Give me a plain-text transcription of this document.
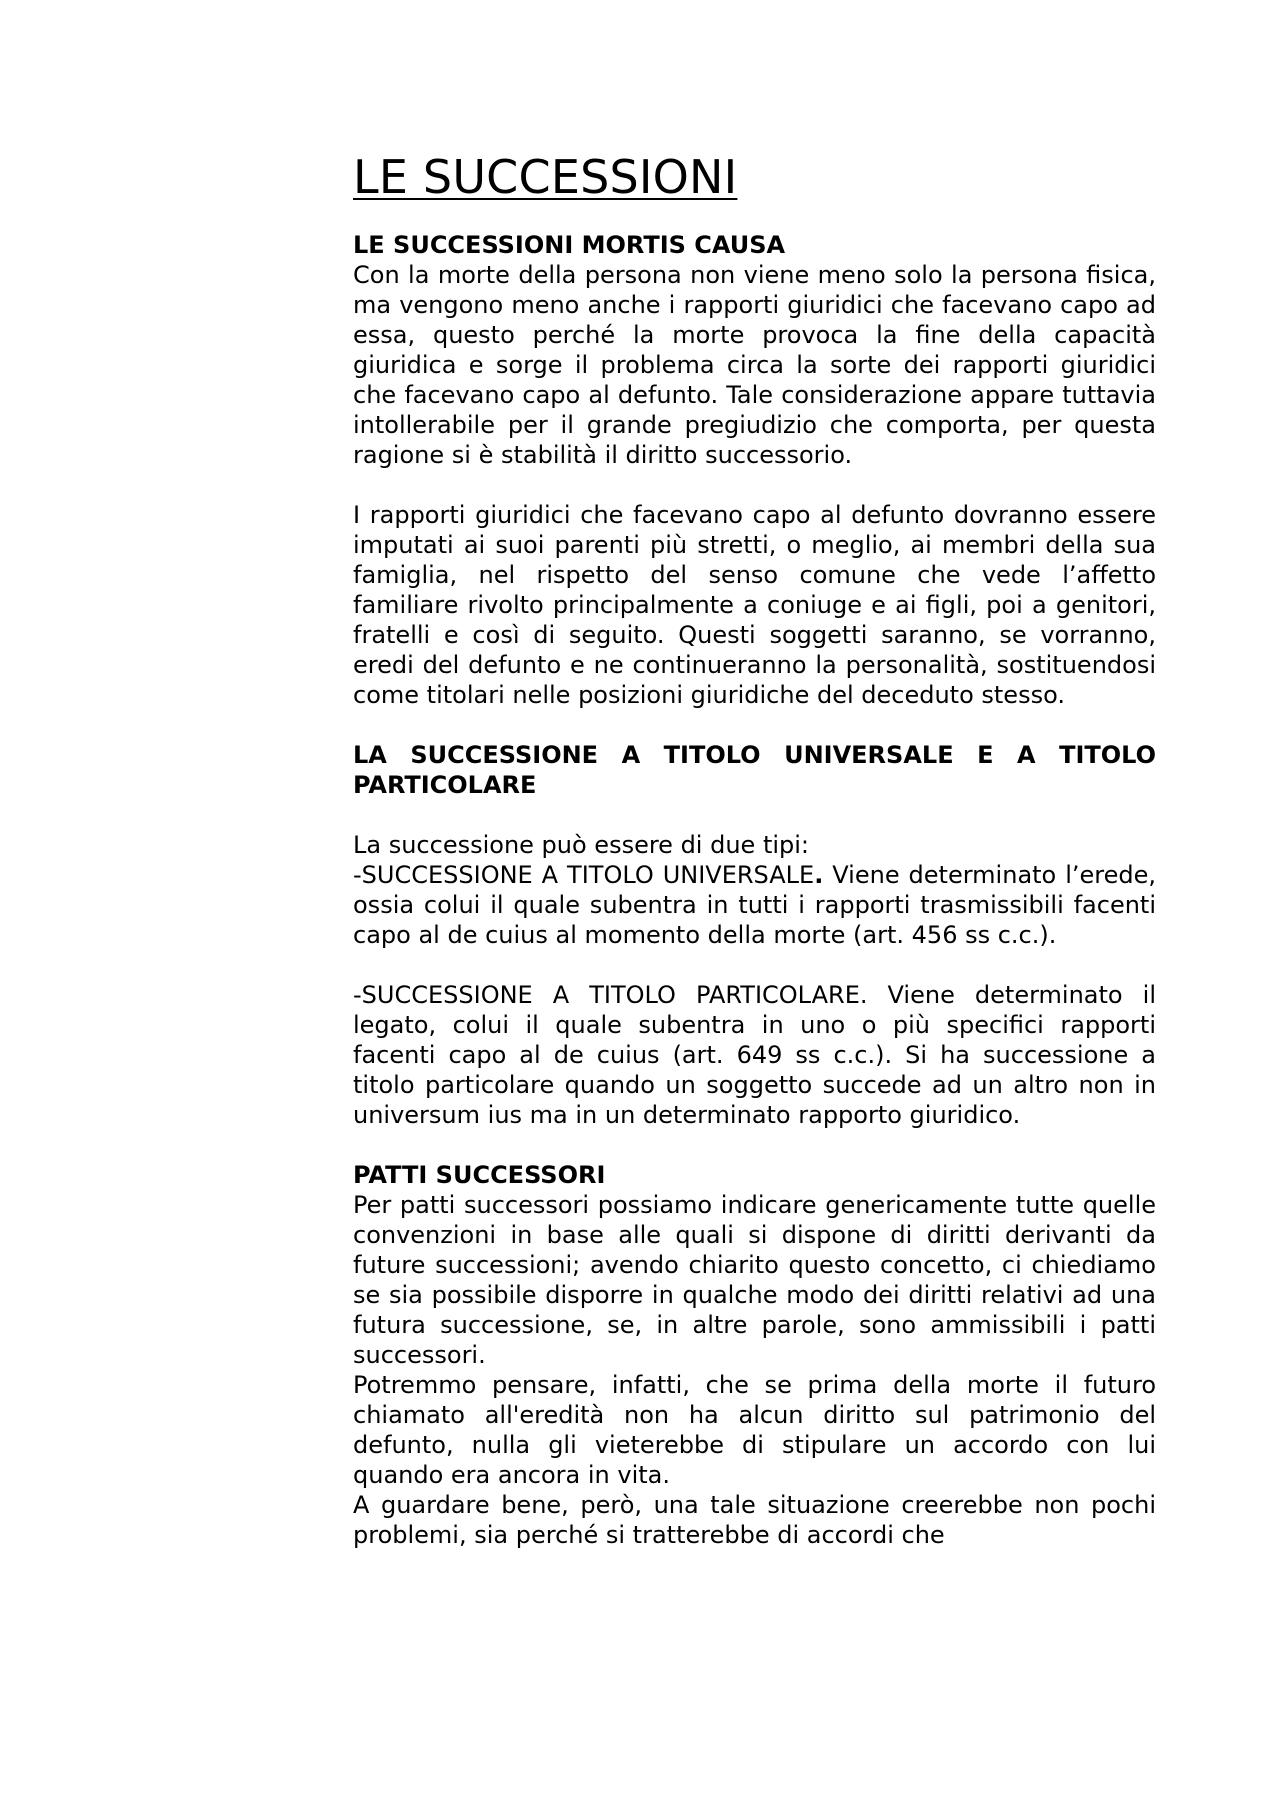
LE SUCCESSIONI
LE SUCCESSIONI MORTIS CAUSA

Con la morte della persona non viene meno solo la persona fisica, ma vengono meno anche i rapporti giuridici che facevano capo ad essa, questo perché la morte provoca la fine della capacità giuridica e sorge il problema circa la sorte dei rapporti giuridici che facevano capo al defunto. Tale considerazione appare tuttavia intollerabile per il grande pregiudizio che comporta, per questa ragione si è stabilità il diritto successorio.

I rapporti giuridici che facevano capo al defunto dovranno essere imputati ai suoi parenti più stretti, o meglio, ai membri della sua famiglia, nel rispetto del senso comune che vede l’affetto familiare rivolto principalmente a coniuge e ai figli, poi a genitori, fratelli e così di seguito. Questi soggetti saranno, se vorranno, eredi del defunto e ne continueranno la personalità, sostituendosi come titolari nelle posizioni giuridiche del deceduto stesso.

LA SUCCESSIONE A TITOLO UNIVERSALE E A TITOLO PARTICOLARE

La successione può essere di due tipi:
-SUCCESSIONE A TITOLO UNIVERSALE. Viene determinato l’erede, ossia colui il quale subentra in tutti i rapporti trasmissibili facenti capo al de cuius al momento della morte (art. 456 ss c.c.).

-SUCCESSIONE A TITOLO PARTICOLARE. Viene determinato il legato, colui il quale subentra in uno o più specifici rapporti facenti capo al de cuius (art. 649 ss c.c.). Si ha successione a titolo particolare quando un soggetto succede ad un altro non in universum ius ma in un determinato rapporto giuridico.

PATTI SUCCESSORI

Per patti successori possiamo indicare genericamente tutte quelle convenzioni in base alle quali si dispone di diritti derivanti da future successioni; avendo chiarito questo concetto, ci chiediamo se sia possibile disporre in qualche modo dei diritti relativi ad una futura successione, se, in altre parole, sono ammissibili i patti successori.

Potremmo pensare, infatti, che se prima della morte il futuro chiamato all'eredità non ha alcun diritto sul patrimonio del defunto, nulla gli vieterebbe di stipulare un accordo con lui quando era ancora in vita.

A guardare bene, però, una tale situazione creerebbe non pochi problemi, sia perché si tratterebbe di accordi che
